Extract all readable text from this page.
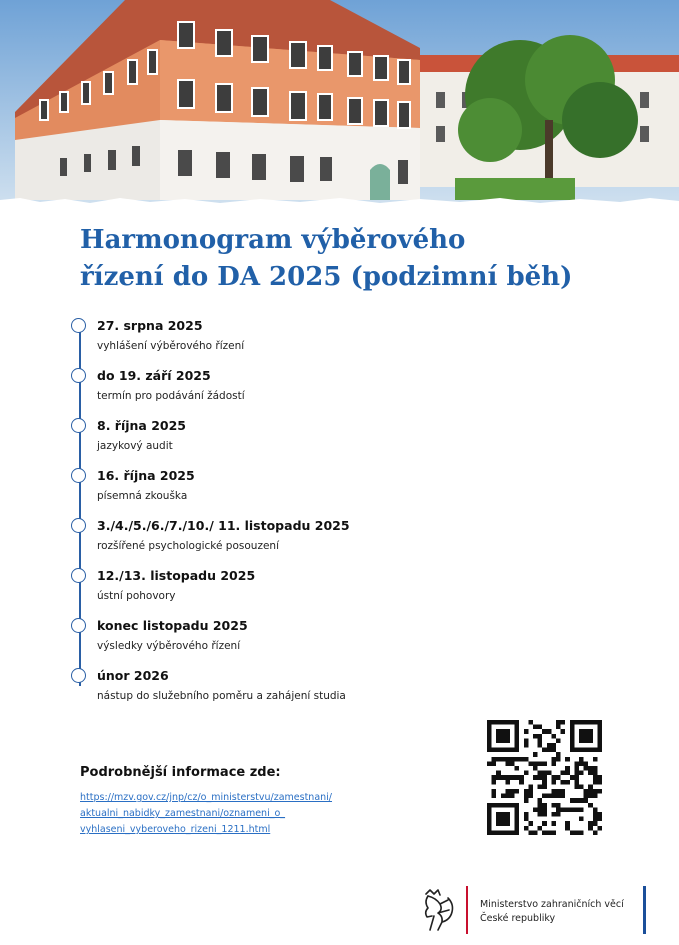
Harmonogram výběrového
řízení do DA 2025 (podzimní běh)
27. srpna 2025
vyhlášení výběrového řízení
do 19. září 2025
termín pro podávání žádostí
8. října 2025
jazykový audit
16. října 2025
písemná zkouška
3./4./5./6./7./10./ 11. listopadu 2025
rozšířené psychologické posouzení
12./13. listopadu 2025
ústní pohovory
konec listopadu 2025
výsledky výběrového řízení
únor 2026
nástup do služebního poměru a zahájení studia
Podrobnější informace zde:
https://mzv.gov.cz/jnp/cz/o_ministerstvu/zamestnani/
aktualni_nabidky_zamestnani/oznameni_o_
vyhlaseni_vyberoveho_rizeni_1211.html
Ministerstvo zahraničních věcí
České republiky
